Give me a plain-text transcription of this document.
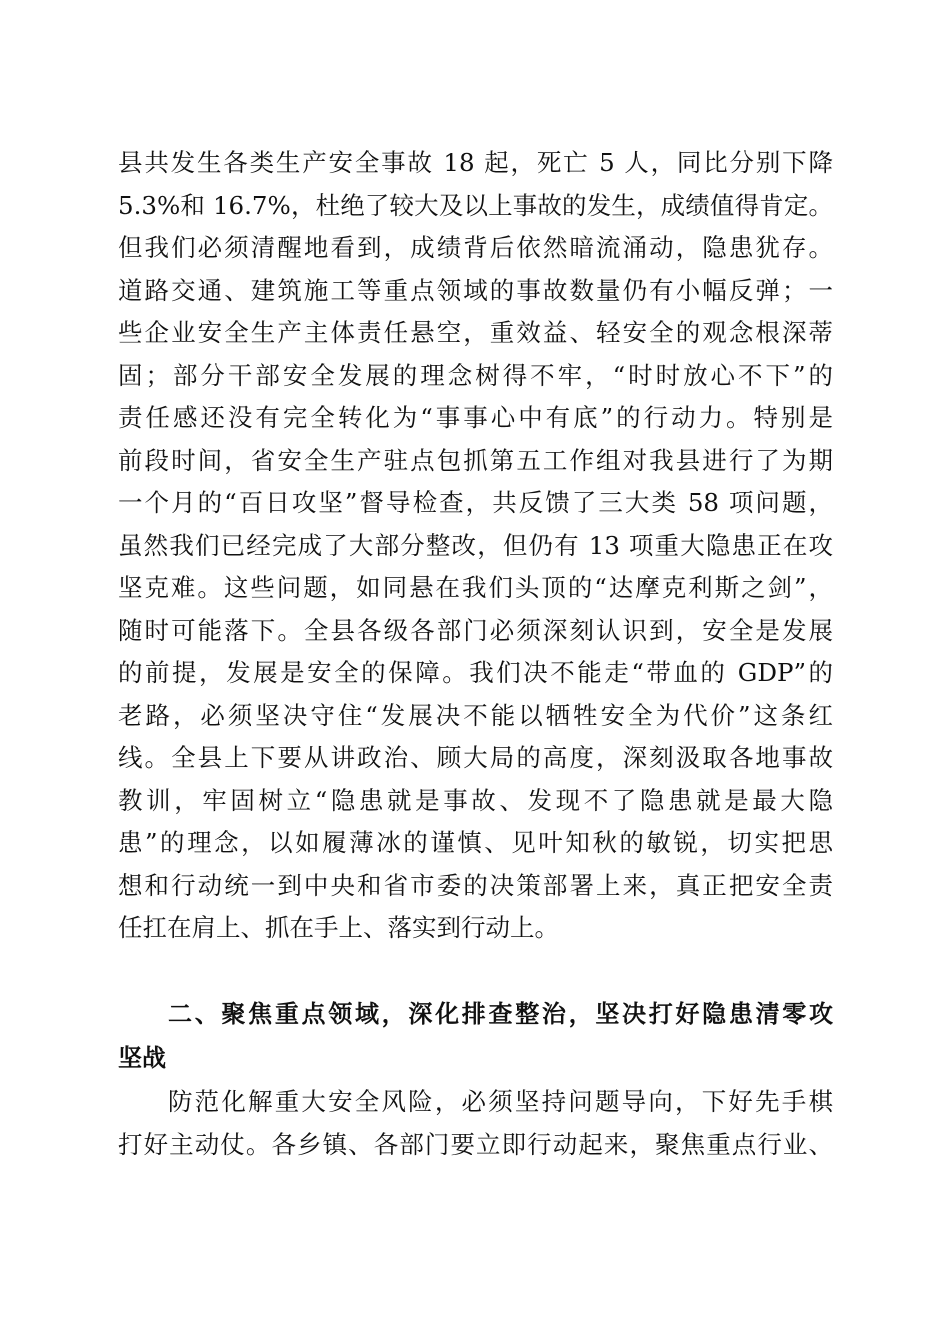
县共发生各类生产安全事故 18 起，死亡 5 人，同比分别下降
5.3%和 16.7%，杜绝了较大及以上事故的发生，成绩值得肯定。
但我们必须清醒地看到，成绩背后依然暗流涌动，隐患犹存。
道路交通、建筑施工等重点领域的事故数量仍有小幅反弹；一
些企业安全生产主体责任悬空，重效益、轻安全的观念根深蒂
固；部分干部安全发展的理念树得不牢，“时时放心不下”的
责任感还没有完全转化为“事事心中有底”的行动力。特别是
前段时间，省安全生产驻点包抓第五工作组对我县进行了为期
一个月的“百日攻坚”督导检查，共反馈了三大类 58 项问题，
虽然我们已经完成了大部分整改，但仍有 13 项重大隐患正在攻
坚克难。这些问题，如同悬在我们头顶的“达摩克利斯之剑”，
随时可能落下。全县各级各部门必须深刻认识到，安全是发展
的前提，发展是安全的保障。我们决不能走“带血的 GDP”的
老路，必须坚决守住“发展决不能以牺牲安全为代价”这条红
线。全县上下要从讲政治、顾大局的高度，深刻汲取各地事故
教训，牢固树立“隐患就是事故、发现不了隐患就是最大隐
患”的理念，以如履薄冰的谨慎、见叶知秋的敏锐，切实把思
想和行动统一到中央和省市委的决策部署上来，真正把安全责
任扛在肩上、抓在手上、落实到行动上。
二、聚焦重点领域，深化排查整治，坚决打好隐患清零攻
坚战
防范化解重大安全风险，必须坚持问题导向，下好先手棋
打好主动仗。各乡镇、各部门要立即行动起来，聚焦重点行业、
